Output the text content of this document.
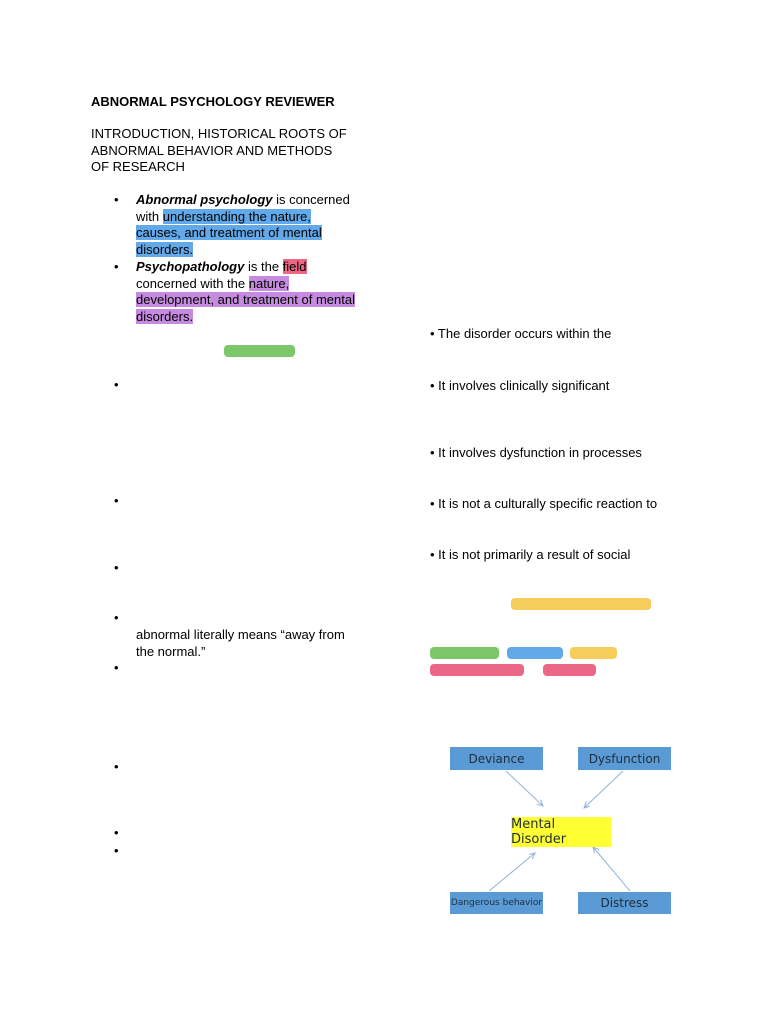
ABNORMAL PSYCHOLOGY REVIEWER
INTRODUCTION, HISTORICAL ROOTS OF ABNORMAL BEHAVIOR AND METHODS OF RESEARCH
• Abnormal psychology is concerned with understanding the nature, causes, and treatment of mental disorders.
• Psychopathology is the field concerned with the nature, development, and treatment of mental disorders.
•
•
•
•
abnormal literally means “away from the normal.”
•
•
•
•
• The disorder occurs within the
• It involves clinically significant
• It involves dysfunction in processes
• It is not a culturally specific reaction to
• It is not primarily a result of social
Deviance	Dysfunction
Mental Disorder
Dangerous behavior	Distress
